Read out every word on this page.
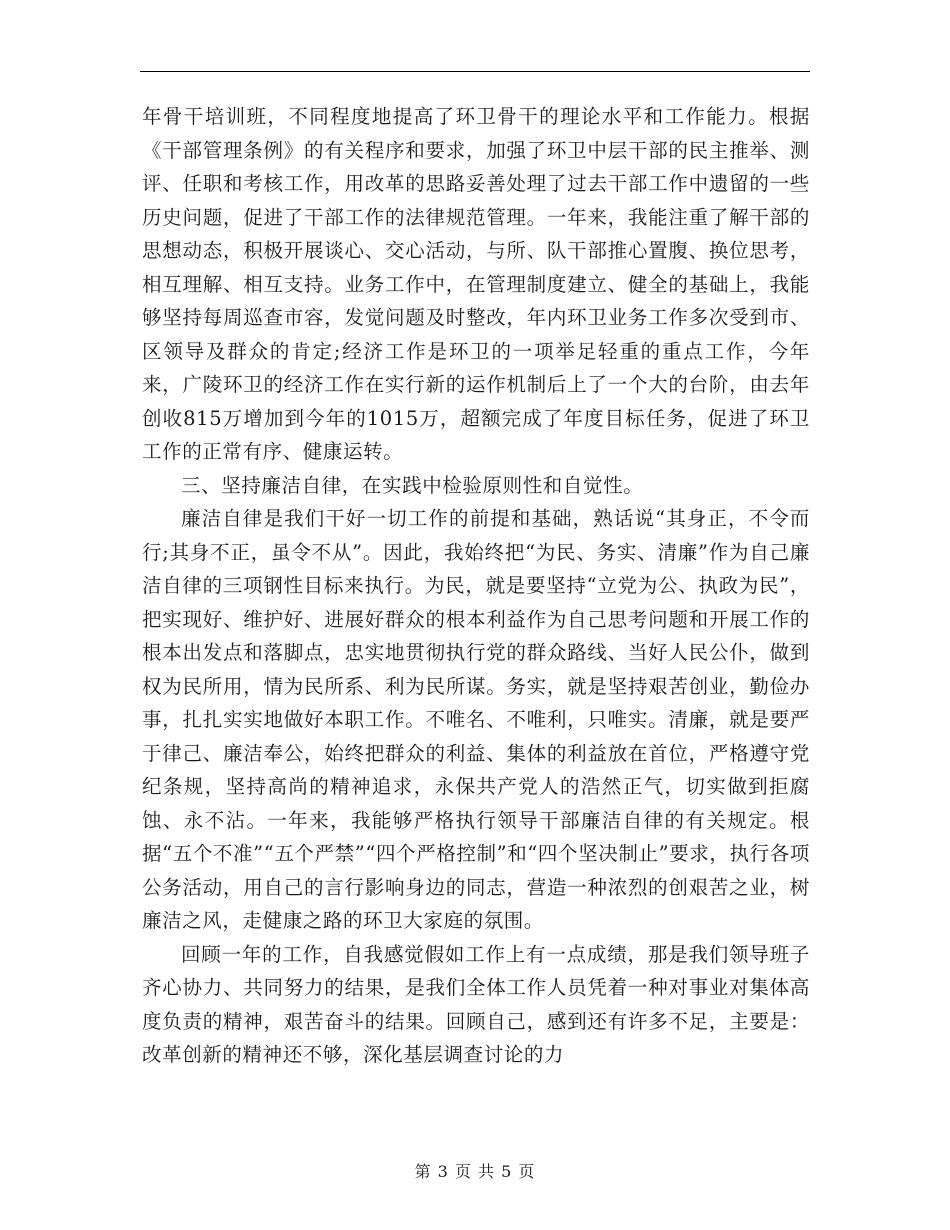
年骨干培训班，不同程度地提高了环卫骨干的理论水平和工作能力。根据《干部管理条例》的有关程序和要求，加强了环卫中层干部的民主推举、测评、任职和考核工作，用改革的思路妥善处理了过去干部工作中遗留的一些历史问题，促进了干部工作的法律规范管理。一年来，我能注重了解干部的思想动态，积极开展谈心、交心活动，与所、队干部推心置腹、换位思考，相互理解、相互支持。业务工作中，在管理制度建立、健全的基础上，我能够坚持每周巡查市容，发觉问题及时整改，年内环卫业务工作多次受到市、区领导及群众的肯定;经济工作是环卫的一项举足轻重的重点工作，今年来，广陵环卫的经济工作在实行新的运作机制后上了一个大的台阶，由去年创收815万增加到今年的1015万，超额完成了年度目标任务，促进了环卫工作的正常有序、健康运转。

三、坚持廉洁自律，在实践中检验原则性和自觉性。

廉洁自律是我们干好一切工作的前提和基础，熟话说“其身正，不令而行;其身不正，虽令不从”。因此，我始终把“为民、务实、清廉”作为自己廉洁自律的三项钢性目标来执行。为民，就是要坚持“立党为公、执政为民”，把实现好、维护好、进展好群众的根本利益作为自己思考问题和开展工作的根本出发点和落脚点，忠实地贯彻执行党的群众路线、当好人民公仆，做到权为民所用，情为民所系、利为民所谋。务实，就是坚持艰苦创业，勤俭办事，扎扎实实地做好本职工作。不唯名、不唯利，只唯实。清廉，就是要严于律己、廉洁奉公，始终把群众的利益、集体的利益放在首位，严格遵守党纪条规，坚持高尚的精神追求，永保共产党人的浩然正气，切实做到拒腐蚀、永不沾。一年来，我能够严格执行领导干部廉洁自律的有关规定。根据“五个不准”“五个严禁”“四个严格控制”和“四个坚决制止”要求，执行各项公务活动，用自己的言行影响身边的同志，营造一种浓烈的创艰苦之业，树廉洁之风，走健康之路的环卫大家庭的氛围。

回顾一年的工作，自我感觉假如工作上有一点成绩，那是我们领导班子齐心协力、共同努力的结果，是我们全体工作人员凭着一种对事业对集体高度负责的精神，艰苦奋斗的结果。回顾自己，感到还有许多不足，主要是：改革创新的精神还不够，深化基层调查讨论的力

第 3 页 共 5 页
